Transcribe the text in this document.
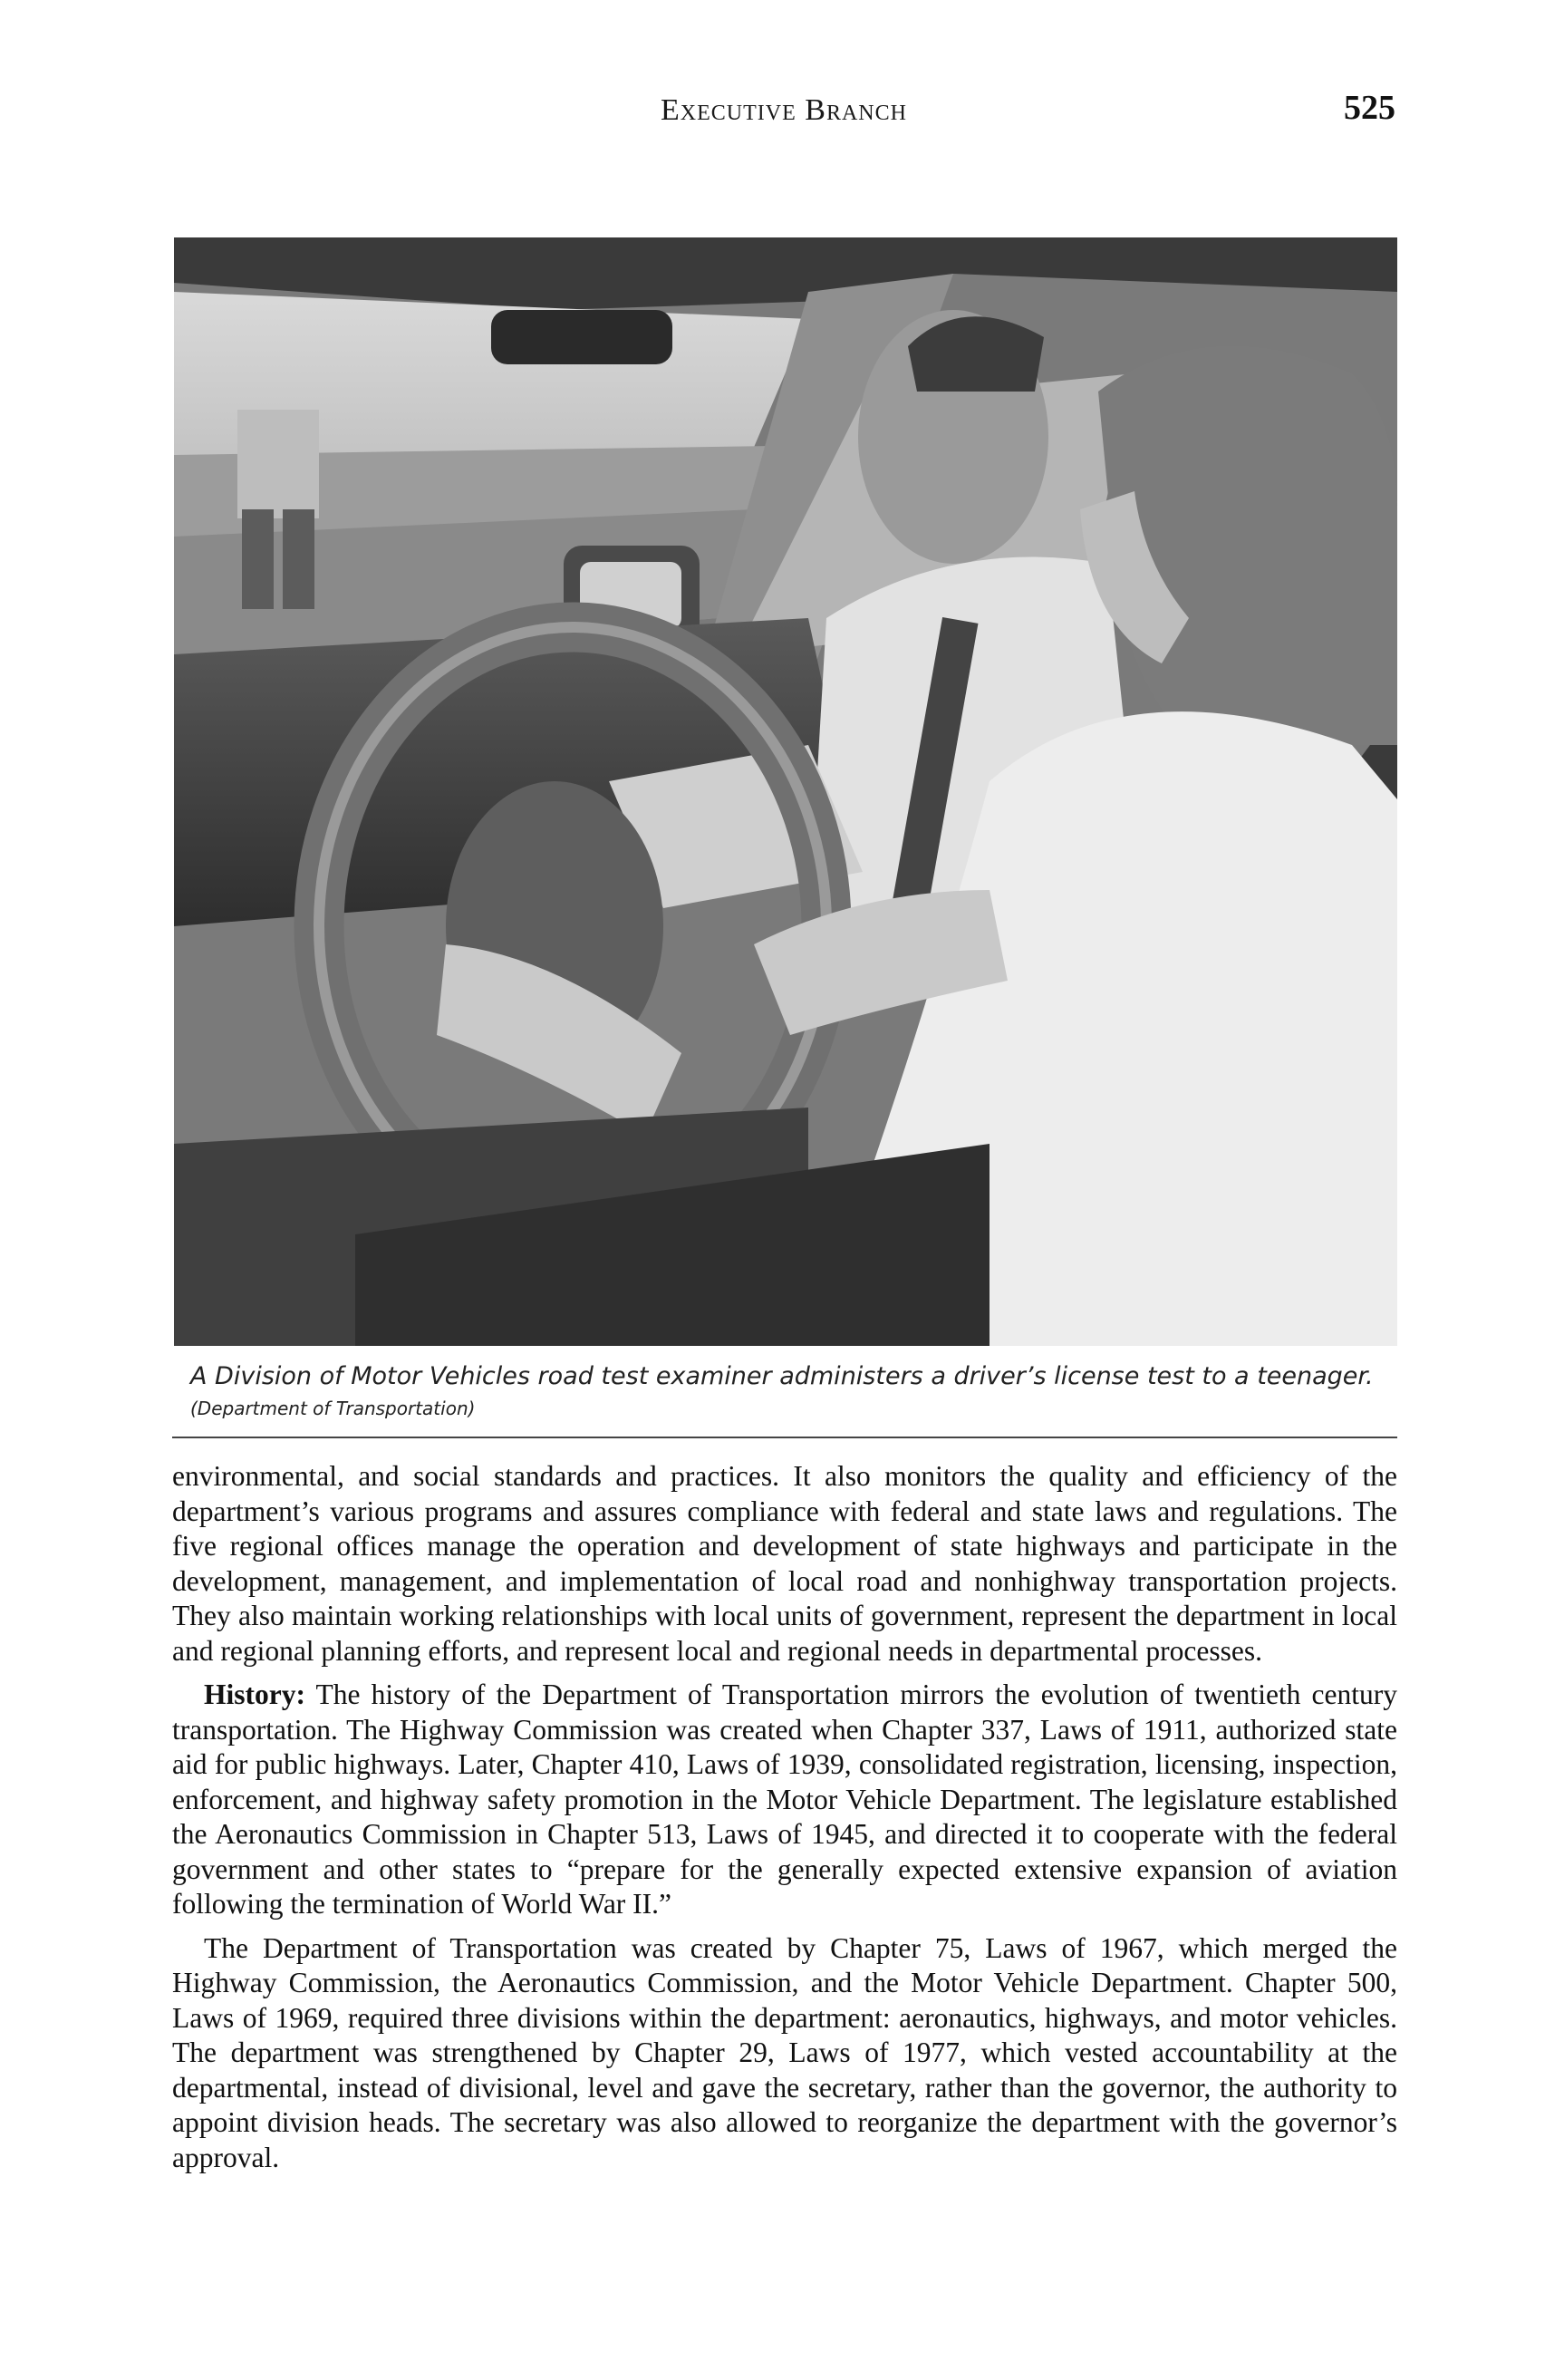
Executive Branch	525
A Division of Motor Vehicles road test examiner administers a driver’s license test to a teenager.
(Department of Transportation)

environmental, and social standards and practices. It also monitors the quality and efficiency of the department’s various programs and assures compliance with federal and state laws and regulations. The five regional offices manage the operation and development of state highways and participate in the development, management, and implementation of local road and nonhighway transportation projects. They also maintain working relationships with local units of government, represent the department in local and regional planning efforts, and represent local and regional needs in departmental processes.

History: The history of the Department of Transportation mirrors the evolution of twentieth century transportation. The Highway Commission was created when Chapter 337, Laws of 1911, authorized state aid for public highways. Later, Chapter 410, Laws of 1939, consolidated registration, licensing, inspection, enforcement, and highway safety promotion in the Motor Vehicle Department. The legislature established the Aeronautics Commission in Chapter 513, Laws of 1945, and directed it to cooperate with the federal government and other states to “prepare for the generally expected extensive expansion of aviation following the termination of World War II.”

The Department of Transportation was created by Chapter 75, Laws of 1967, which merged the Highway Commission, the Aeronautics Commission, and the Motor Vehicle Department. Chapter 500, Laws of 1969, required three divisions within the department: aeronautics, highways, and motor vehicles. The department was strengthened by Chapter 29, Laws of 1977, which vested accountability at the departmental, instead of divisional, level and gave the secretary, rather than the governor, the authority to appoint division heads. The secretary was also allowed to reorganize the department with the governor’s approval.
